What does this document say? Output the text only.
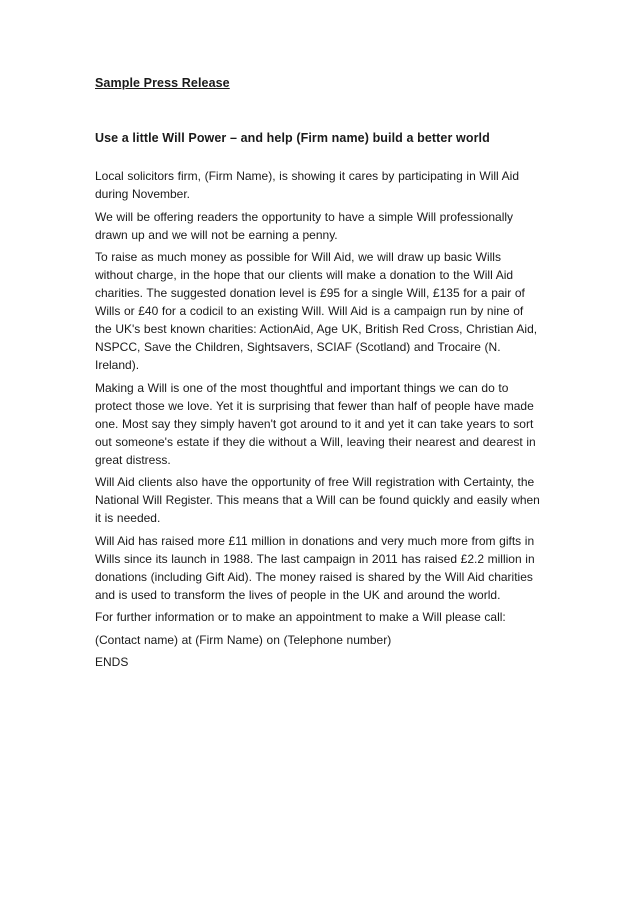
Sample Press Release
Use a little Will Power – and help (Firm name) build a better world

Local solicitors firm, (Firm Name), is showing it cares by participating in Will Aid during November.

We will be offering readers the opportunity to have a simple Will professionally drawn up and we will not be earning a penny.

To raise as much money as possible for Will Aid, we will draw up basic Wills without charge, in the hope that our clients will make a donation to the Will Aid charities. The suggested donation level is £95 for a single Will, £135 for a pair of Wills or £40 for a codicil to an existing Will. Will Aid is a campaign run by nine of the UK's best known charities: ActionAid, Age UK, British Red Cross, Christian Aid, NSPCC, Save the Children, Sightsavers, SCIAF (Scotland) and Trocaire (N. Ireland).

Making a Will is one of the most thoughtful and important things we can do to protect those we love. Yet it is surprising that fewer than half of people have made one. Most say they simply haven't got around to it and yet it can take years to sort out someone's estate if they die without a Will, leaving their nearest and dearest in great distress.

Will Aid clients also have the opportunity of free Will registration with Certainty, the National Will Register. This means that a Will can be found quickly and easily when it is needed.

Will Aid has raised more £11 million in donations and very much more from gifts in Wills since its launch in 1988. The last campaign in 2011 has raised £2.2 million in donations (including Gift Aid). The money raised is shared by the Will Aid charities and is used to transform the lives of people in the UK and around the world.

For further information or to make an appointment to make a Will please call:

(Contact name) at (Firm Name) on (Telephone number)

ENDS
